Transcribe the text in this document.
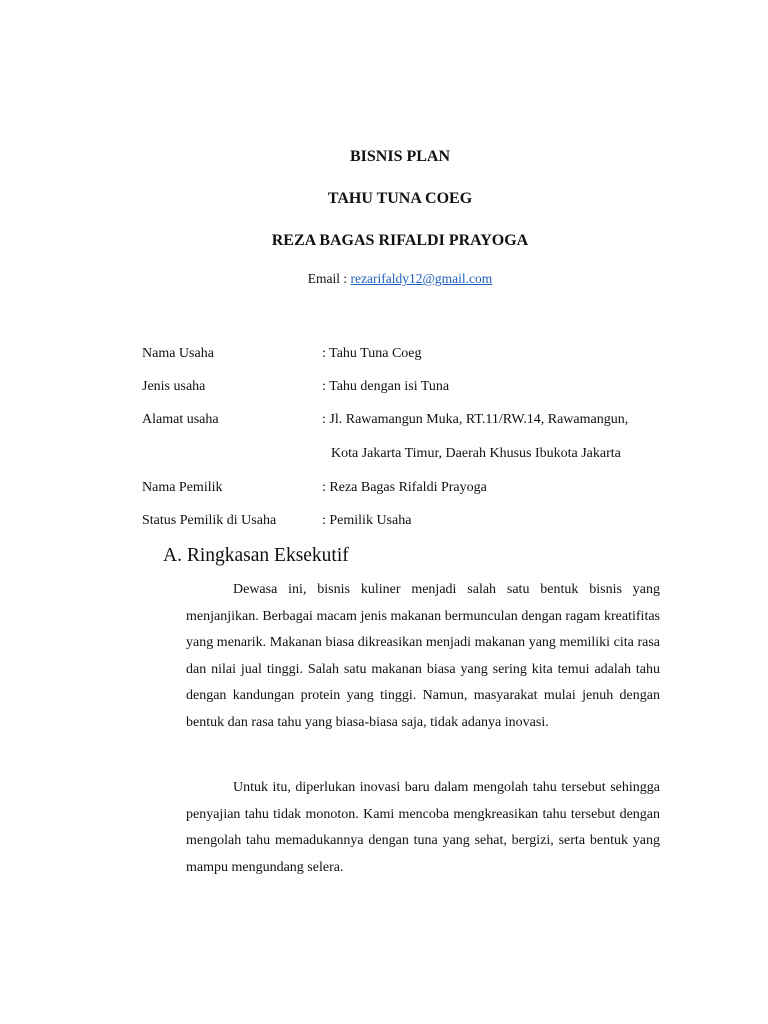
BISNIS PLAN
TAHU TUNA COEG
REZA BAGAS RIFALDI PRAYOGA
Email : rezarifaldy12@gmail.com
Nama Usaha	: Tahu Tuna Coeg
Jenis usaha	: Tahu dengan isi Tuna
Alamat usaha	: Jl. Rawamangun Muka, RT.11/RW.14, Rawamangun,
Kota Jakarta Timur, Daerah Khusus Ibukota Jakarta
Nama Pemilik	: Reza Bagas Rifaldi Prayoga
Status Pemilik di Usaha	: Pemilik Usaha
A. Ringkasan Eksekutif

Dewasa ini, bisnis kuliner menjadi salah satu bentuk bisnis yang menjanjikan. Berbagai macam jenis makanan bermunculan dengan ragam kreatifitas yang menarik. Makanan biasa dikreasikan menjadi makanan yang memiliki cita rasa dan nilai jual tinggi. Salah satu makanan biasa yang sering kita temui adalah tahu dengan kandungan protein yang tinggi. Namun, masyarakat mulai jenuh dengan bentuk dan rasa tahu yang biasa-biasa saja, tidak adanya inovasi.

Untuk itu, diperlukan inovasi baru dalam mengolah tahu tersebut sehingga penyajian tahu tidak monoton. Kami mencoba mengkreasikan tahu tersebut dengan mengolah tahu memadukannya dengan tuna yang sehat, bergizi, serta bentuk yang mampu mengundang selera.
